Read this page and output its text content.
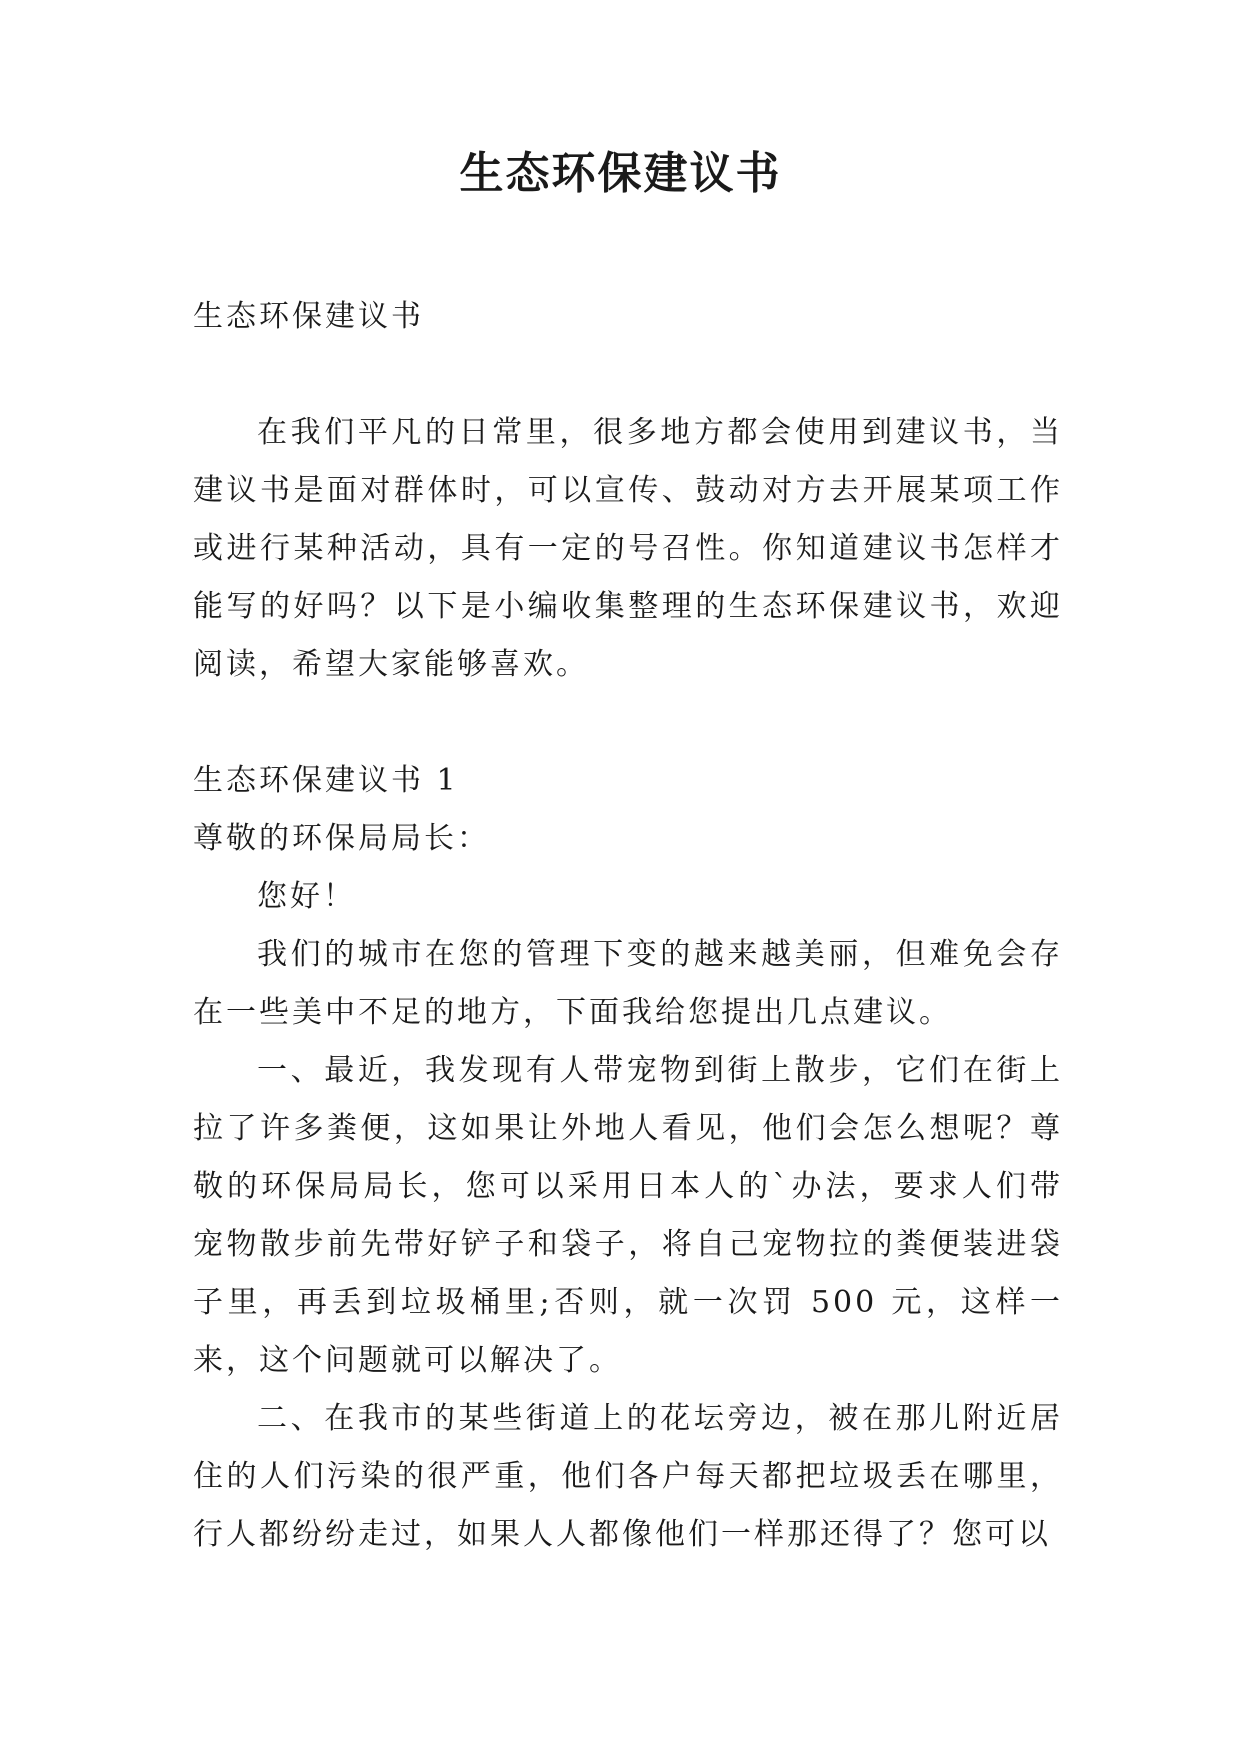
生态环保建议书

生态环保建议书

在我们平凡的日常里，很多地方都会使用到建议书，当建议书是面对群体时，可以宣传、鼓动对方去开展某项工作或进行某种活动，具有一定的号召性。你知道建议书怎样才能写的好吗？以下是小编收集整理的生态环保建议书，欢迎阅读，希望大家能够喜欢。

生态环保建议书 1

尊敬的环保局局长：

您好！

我们的城市在您的管理下变的越来越美丽，但难免会存在一些美中不足的地方，下面我给您提出几点建议。

一、最近，我发现有人带宠物到街上散步，它们在街上拉了许多粪便，这如果让外地人看见，他们会怎么想呢？尊敬的环保局局长，您可以采用日本人的`办法，要求人们带宠物散步前先带好铲子和袋子，将自己宠物拉的粪便装进袋子里，再丢到垃圾桶里;否则，就一次罚 500 元，这样一来，这个问题就可以解决了。

二、在我市的某些街道上的花坛旁边，被在那儿附近居住的人们污染的很严重，他们各户每天都把垃圾丢在哪里，行人都纷纷走过，如果人人都像他们一样那还得了？您可以
